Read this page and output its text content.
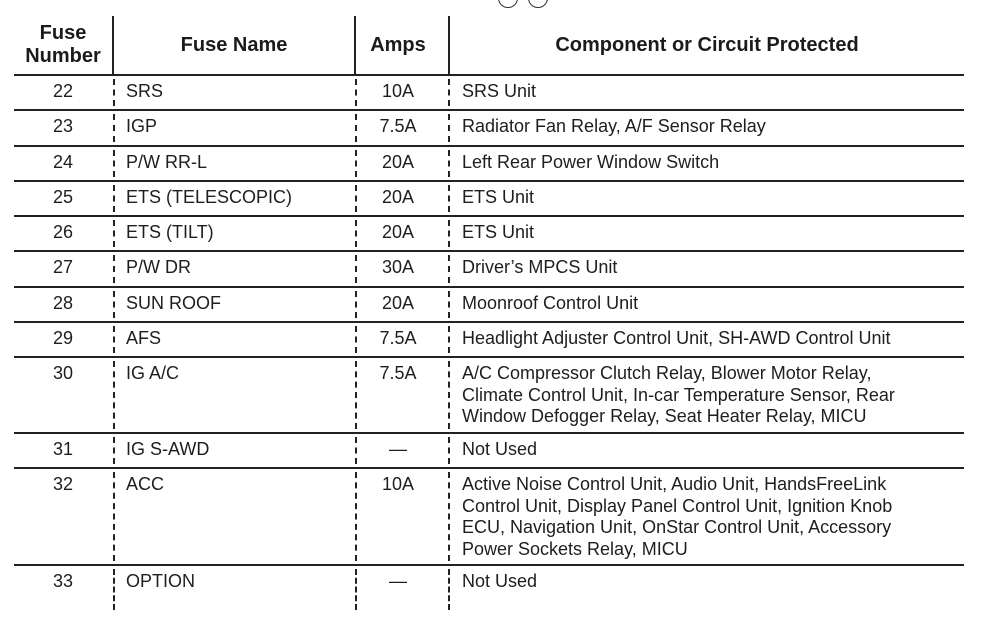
Fuse
Number
Fuse Name	Amps	Component or Circuit Protected
22	SRS	10A	SRS Unit
23	IGP	7.5A	Radiator Fan Relay, A/F Sensor Relay
24	P/W RR-L	20A	Left Rear Power Window Switch
25	ETS (TELESCOPIC)	20A	ETS Unit
26	ETS (TILT)	20A	ETS Unit
27	P/W DR	30A	Driver’s MPCS Unit
28	SUN ROOF	20A	Moonroof Control Unit
29	AFS	7.5A	Headlight Adjuster Control Unit, SH-AWD Control Unit
30	IG A/C	7.5A	A/C Compressor Clutch Relay, Blower Motor Relay,
Climate Control Unit, In-car Temperature Sensor, Rear
Window Defogger Relay, Seat Heater Relay, MICU
31	IG S-AWD	—	Not Used
32	ACC	10A	Active Noise Control Unit, Audio Unit, HandsFreeLink
Control Unit, Display Panel Control Unit, Ignition Knob
ECU, Navigation Unit, OnStar Control Unit, Accessory
Power Sockets Relay, MICU
33	OPTION	—	Not Used
